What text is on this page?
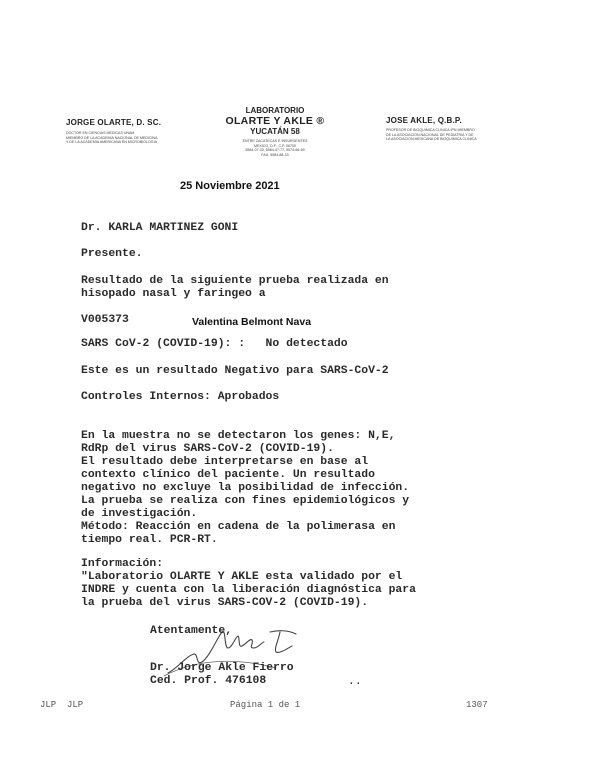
JORGE OLARTE, D. SC.
DOCTOR EN CIENCIAS MEDICAS UNAM
MIEMBRO DE LA ACADEMIA NACIONAL DE MEDICINA
Y DE LA ACADEMIA AMERICANA EN MICROBIOLOGIA
LABORATORIO
OLARTE Y AKLE ®
YUCATÁN 58
ENTRE ZACATECAS E INSURGENTES
MEXICO, D.F., C.P. 06700
5584-07-33, 5584-07-77, 5574-66-69
FAX: 5584-88-33
JOSE AKLE, Q.B.P.
PROFESOR DE BIOQUIMICA CLINICA IPN MIEMBRO
DE LA ASOCIACION NACIONAL DE PEDIATRIA Y DE
LA ASOCIACION MEXICANA DE BIOQUIMICA CLINICA
25 Noviembre 2021
Dr. KARLA MARTINEZ GONI
Presente.
Resultado de la siguiente prueba realizada en
hisopado nasal y faringeo a
V005373	Valentina Belmont Nava
SARS CoV-2 (COVID-19): :   No detectado
Este es un resultado Negativo para SARS-CoV-2
Controles Internos: Aprobados
En la muestra no se detectaron los genes: N,E,
RdRp del virus SARS-CoV-2 (COVID-19).
El resultado debe interpretarse en base al
contexto clínico del paciente. Un resultado
negativo no excluye la posibilidad de infección.
La prueba se realiza con fines epidemiológicos y
de investigación.
Método: Reacción en cadena de la polimerasa en
tiempo real. PCR-RT.
Información:
"Laboratorio OLARTE Y AKLE esta validado por el
INDRE y cuenta con la liberación diagnóstica para
la prueba del virus SARS-COV-2 (COVID-19).
Atentamente,
Dr. Jorge Akle Fierro
Ced. Prof. 476108	..
JLP  JLP	Página 1 de 1	1307
